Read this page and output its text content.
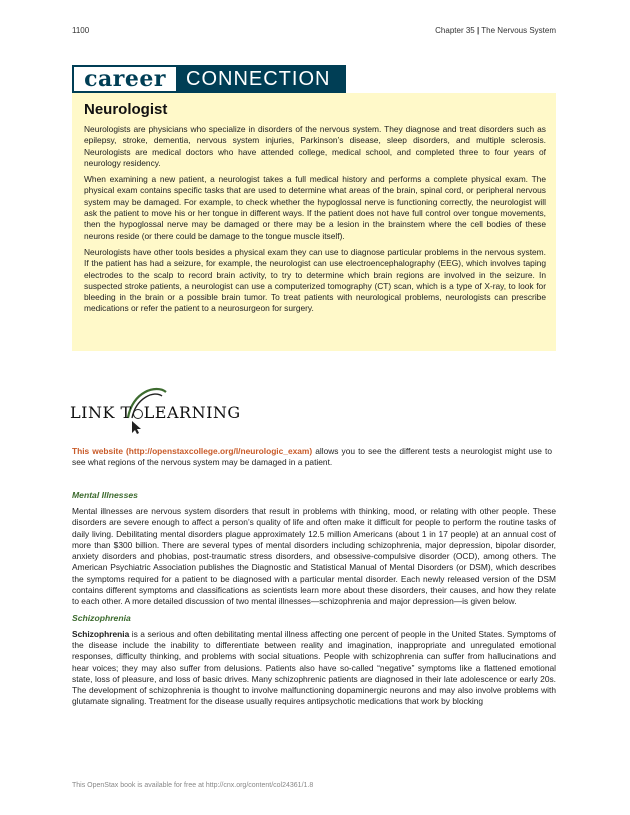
1100	Chapter 35 | The Nervous System
career	CONNECTION
Neurologist

Neurologists are physicians who specialize in disorders of the nervous system. They diagnose and treat disorders such as epilepsy, stroke, dementia, nervous system injuries, Parkinson’s disease, sleep disorders, and multiple sclerosis. Neurologists are medical doctors who have attended college, medical school, and completed three to four years of neurology residency.

When examining a new patient, a neurologist takes a full medical history and performs a complete physical exam. The physical exam contains specific tasks that are used to determine what areas of the brain, spinal cord, or peripheral nervous system may be damaged. For example, to check whether the hypoglossal nerve is functioning correctly, the neurologist will ask the patient to move his or her tongue in different ways. If the patient does not have full control over tongue movements, then the hypoglossal nerve may be damaged or there may be a lesion in the brainstem where the cell bodies of these neurons reside (or there could be damage to the tongue muscle itself).

Neurologists have other tools besides a physical exam they can use to diagnose particular problems in the nervous system. If the patient has had a seizure, for example, the neurologist can use electroencephalography (EEG), which involves taping electrodes to the scalp to record brain activity, to try to determine which brain regions are involved in the seizure. In suspected stroke patients, a neurologist can use a computerized tomography (CT) scan, which is a type of X-ray, to look for bleeding in the brain or a possible brain tumor. To treat patients with neurological problems, neurologists can prescribe medications or refer the patient to a neurosurgeon for surgery.

LINK T LEARNING

This website (http://openstaxcollege.org/l/neurologic_exam) allows you to see the different tests a neurologist might use to see what regions of the nervous system may be damaged in a patient.

Mental Illnesses

Mental illnesses are nervous system disorders that result in problems with thinking, mood, or relating with other people. These disorders are severe enough to affect a person’s quality of life and often make it difficult for people to perform the routine tasks of daily living. Debilitating mental disorders plague approximately 12.5 million Americans (about 1 in 17 people) at an annual cost of more than $300 billion. There are several types of mental disorders including schizophrenia, major depression, bipolar disorder, anxiety disorders and phobias, post-traumatic stress disorders, and obsessive-compulsive disorder (OCD), among others. The American Psychiatric Association publishes the Diagnostic and Statistical Manual of Mental Disorders (or DSM), which describes the symptoms required for a patient to be diagnosed with a particular mental disorder. Each newly released version of the DSM contains different symptoms and classifications as scientists learn more about these disorders, their causes, and how they relate to each other. A more detailed discussion of two mental illnesses—schizophrenia and major depression—is given below.

Schizophrenia

Schizophrenia is a serious and often debilitating mental illness affecting one percent of people in the United States. Symptoms of the disease include the inability to differentiate between reality and imagination, inappropriate and unregulated emotional responses, difficulty thinking, and problems with social situations. People with schizophrenia can suffer from hallucinations and hear voices; they may also suffer from delusions. Patients also have so-called “negative” symptoms like a flattened emotional state, loss of pleasure, and loss of basic drives. Many schizophrenic patients are diagnosed in their late adolescence or early 20s. The development of schizophrenia is thought to involve malfunctioning dopaminergic neurons and may also involve problems with glutamate signaling. Treatment for the disease usually requires antipsychotic medications that work by blocking

This OpenStax book is available for free at http://cnx.org/content/col24361/1.8
